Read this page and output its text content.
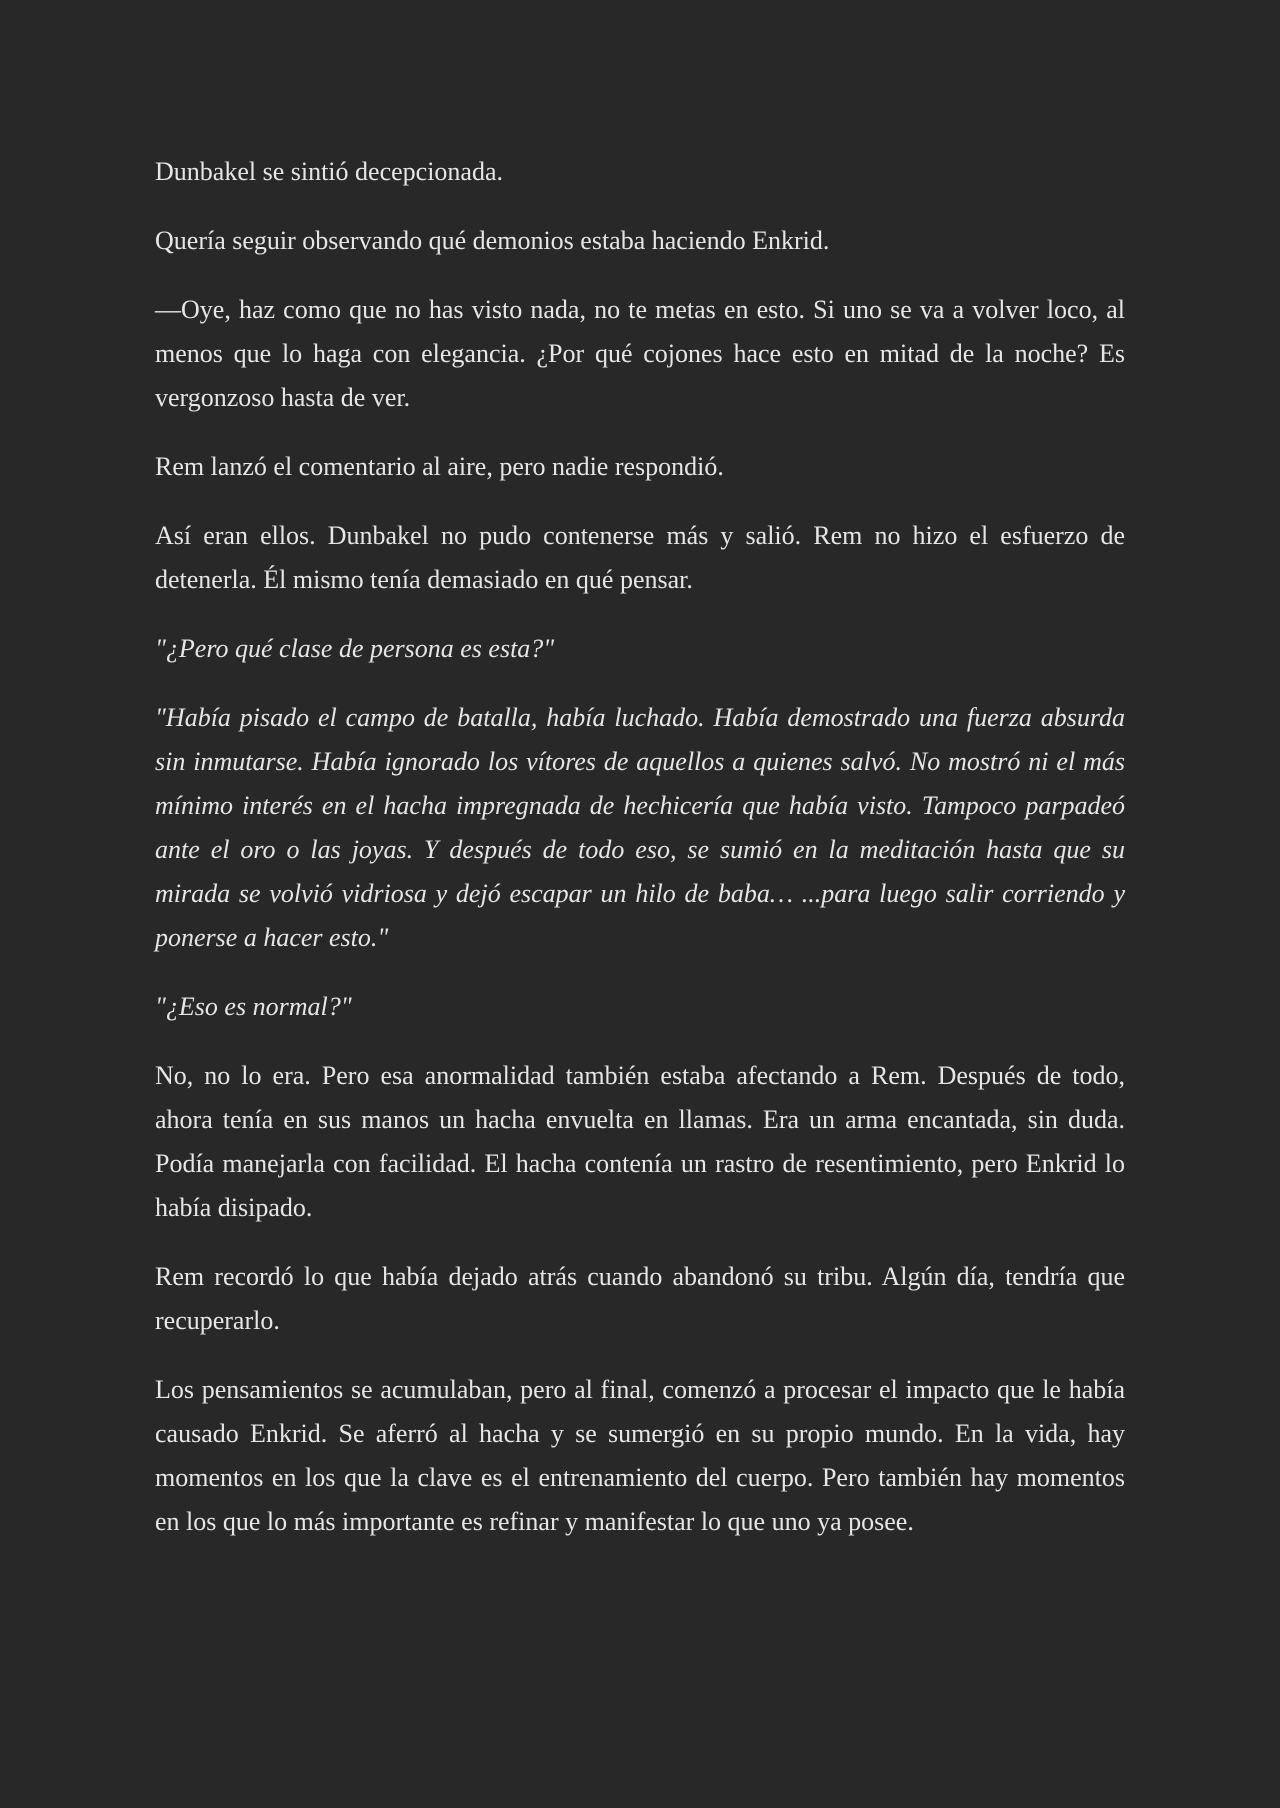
Dunbakel se sintió decepcionada.

Quería seguir observando qué demonios estaba haciendo Enkrid.

—Oye, haz como que no has visto nada, no te metas en esto. Si uno se va a volver loco, al menos que lo haga con elegancia. ¿Por qué cojones hace esto en mitad de la noche? Es vergonzoso hasta de ver.

Rem lanzó el comentario al aire, pero nadie respondió.

Así eran ellos. Dunbakel no pudo contenerse más y salió. Rem no hizo el esfuerzo de detenerla. Él mismo tenía demasiado en qué pensar.

"¿Pero qué clase de persona es esta?"

"Había pisado el campo de batalla, había luchado. Había demostrado una fuerza absurda sin inmutarse. Había ignorado los vítores de aquellos a quienes salvó. No mostró ni el más mínimo interés en el hacha impregnada de hechicería que había visto. Tampoco parpadeó ante el oro o las joyas. Y después de todo eso, se sumió en la meditación hasta que su mirada se volvió vidriosa y dejó escapar un hilo de baba… ...para luego salir corriendo y ponerse a hacer esto."

"¿Eso es normal?"

No, no lo era. Pero esa anormalidad también estaba afectando a Rem. Después de todo, ahora tenía en sus manos un hacha envuelta en llamas. Era un arma encantada, sin duda. Podía manejarla con facilidad. El hacha contenía un rastro de resentimiento, pero Enkrid lo había disipado.

Rem recordó lo que había dejado atrás cuando abandonó su tribu. Algún día, tendría que recuperarlo.

Los pensamientos se acumulaban, pero al final, comenzó a procesar el impacto que le había causado Enkrid. Se aferró al hacha y se sumergió en su propio mundo. En la vida, hay momentos en los que la clave es el entrenamiento del cuerpo. Pero también hay momentos en los que lo más importante es refinar y manifestar lo que uno ya posee.
